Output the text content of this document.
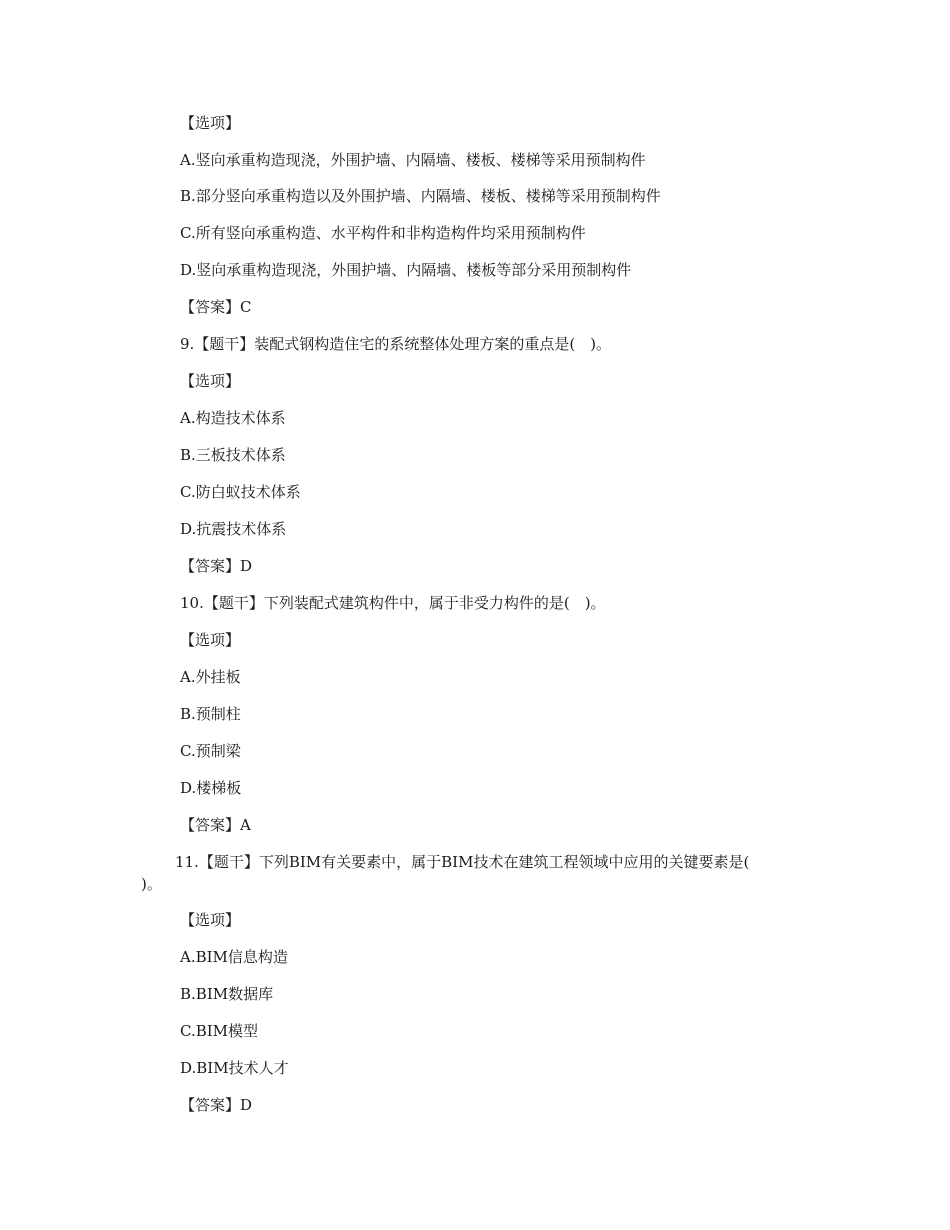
【选项】
A.竖向承重构造现浇，外围护墙、内隔墙、楼板、楼梯等采用预制构件
B.部分竖向承重构造以及外围护墙、内隔墙、楼板、楼梯等采用预制构件
C.所有竖向承重构造、水平构件和非构造构件均采用预制构件
D.竖向承重构造现浇，外围护墙、内隔墙、楼板等部分采用预制构件
【答案】C
9.【题干】装配式钢构造住宅的系统整体处理方案的重点是(　)。
【选项】
A.构造技术体系
B.三板技术体系
C.防白蚁技术体系
D.抗震技术体系
【答案】D
10.【题干】下列装配式建筑构件中，属于非受力构件的是(　)。
【选项】
A.外挂板
B.预制柱
C.预制梁
D.楼梯板
【答案】A
11.【题干】下列BIM有关要素中，属于BIM技术在建筑工程领域中应用的关键要素是(
)。
【选项】
A.BIM信息构造
B.BIM数据库
C.BIM模型
D.BIM技术人才
【答案】D
